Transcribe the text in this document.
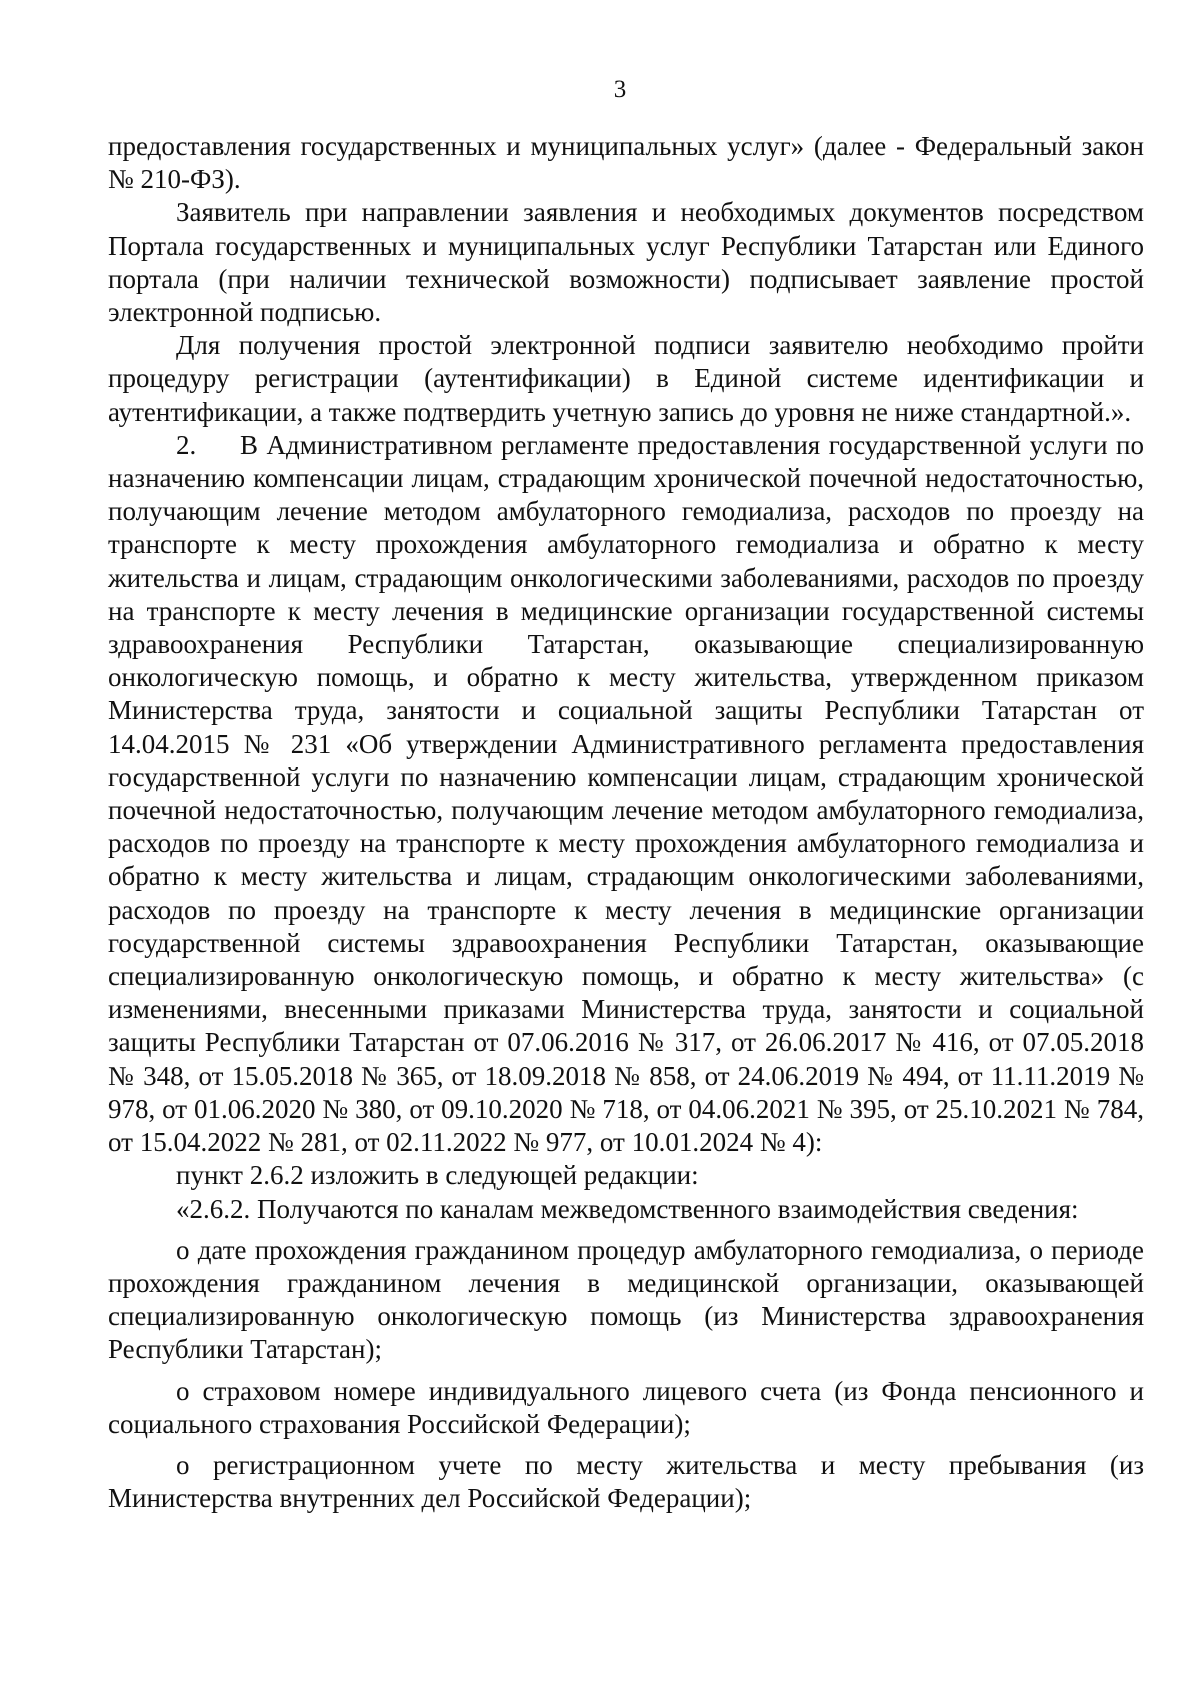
3

предоставления государственных и муниципальных услуг» (далее - Федеральный закон № 210-ФЗ).

Заявитель при направлении заявления и необходимых документов посредством Портала государственных и муниципальных услуг Республики Татарстан или Единого портала (при наличии технической возможности) подписывает заявление простой электронной подписью.

Для получения простой электронной подписи заявителю необходимо пройти процедуру регистрации (аутентификации) в Единой системе идентификации и аутентификации, а также подтвердить учетную запись до уровня не ниже стандартной.».

2. В Административном регламенте предоставления государственной услуги по назначению компенсации лицам, страдающим хронической почечной недостаточностью, получающим лечение методом амбулаторного гемодиализа, расходов по проезду на транспорте к месту прохождения амбулаторного гемодиализа и обратно к месту жительства и лицам, страдающим онкологическими заболеваниями, расходов по проезду на транспорте к месту лечения в медицинские организации государственной системы здравоохранения Республики Татарстан, оказывающие специализированную онкологическую помощь, и обратно к месту жительства, утвержденном приказом Министерства труда, занятости и социальной защиты Республики Татарстан от 14.04.2015 № 231 «Об утверждении Административного регламента предоставления государственной услуги по назначению компенсации лицам, страдающим хронической почечной недостаточностью, получающим лечение методом амбулаторного гемодиализа, расходов по проезду на транспорте к месту прохождения амбулаторного гемодиализа и обратно к месту жительства и лицам, страдающим онкологическими заболеваниями, расходов по проезду на транспорте к месту лечения в медицинские организации государственной системы здравоохранения Республики Татарстан, оказывающие специализированную онкологическую помощь, и обратно к месту жительства» (с изменениями, внесенными приказами Министерства труда, занятости и социальной защиты Республики Татарстан от 07.06.2016 № 317, от 26.06.2017 № 416, от 07.05.2018 № 348, от 15.05.2018 № 365, от 18.09.2018 № 858, от 24.06.2019 № 494, от 11.11.2019 № 978, от 01.06.2020 № 380, от 09.10.2020 № 718, от 04.06.2021 № 395, от 25.10.2021 № 784, от 15.04.2022 № 281, от 02.11.2022 № 977, от 10.01.2024 № 4):

пункт 2.6.2 изложить в следующей редакции:

«2.6.2. Получаются по каналам межведомственного взаимодействия сведения:

о дате прохождения гражданином процедур амбулаторного гемодиализа, о периоде прохождения гражданином лечения в медицинской организации, оказывающей специализированную онкологическую помощь (из Министерства здравоохранения Республики Татарстан);

о страховом номере индивидуального лицевого счета (из Фонда пенсионного и социального страхования Российской Федерации);

о регистрационном учете по месту жительства и месту пребывания (из Министерства внутренних дел Российской Федерации);
